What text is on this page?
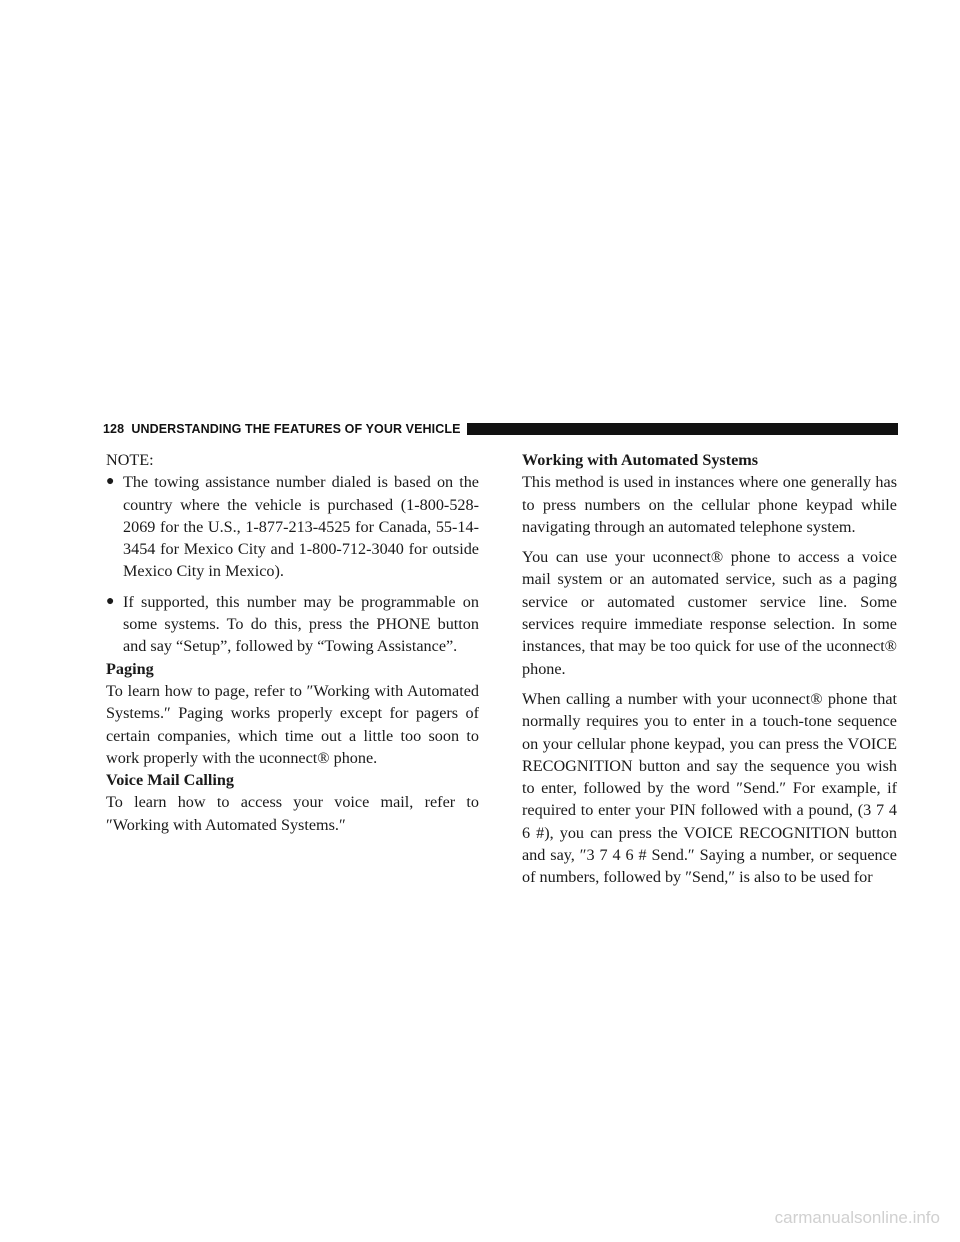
128 UNDERSTANDING THE FEATURES OF YOUR VEHICLE

NOTE:

● The towing assistance number dialed is based on the country where the vehicle is purchased (1-800-528-2069 for the U.S., 1-877-213-4525 for Canada, 55-14-3454 for Mexico City and 1-800-712-3040 for outside Mexico City in Mexico).

● If supported, this number may be programmable on some systems. To do this, press the PHONE button and say “Setup”, followed by “Towing Assistance”.

Paging

To learn how to page, refer to ″Working with Automated Systems.″ Paging works properly except for pagers of certain companies, which time out a little too soon to work properly with the uconnect® phone.

Voice Mail Calling

To learn how to access your voice mail, refer to ″Working with Automated Systems.″

Working with Automated Systems

This method is used in instances where one generally has to press numbers on the cellular phone keypad while navigating through an automated telephone system.

You can use your uconnect® phone to access a voice mail system or an automated service, such as a paging service or automated customer service line. Some services require immediate response selection. In some instances, that may be too quick for use of the uconnect® phone.

When calling a number with your uconnect® phone that normally requires you to enter in a touch-tone sequence on your cellular phone keypad, you can press the VOICE RECOGNITION button and say the sequence you wish to enter, followed by the word ″Send.″ For example, if required to enter your PIN followed with a pound, (3 7 4 6 #), you can press the VOICE RECOGNITION button and say, ″3 7 4 6 # Send.″ Saying a number, or sequence of numbers, followed by ″Send,″ is also to be used for

carmanualsonline.info
